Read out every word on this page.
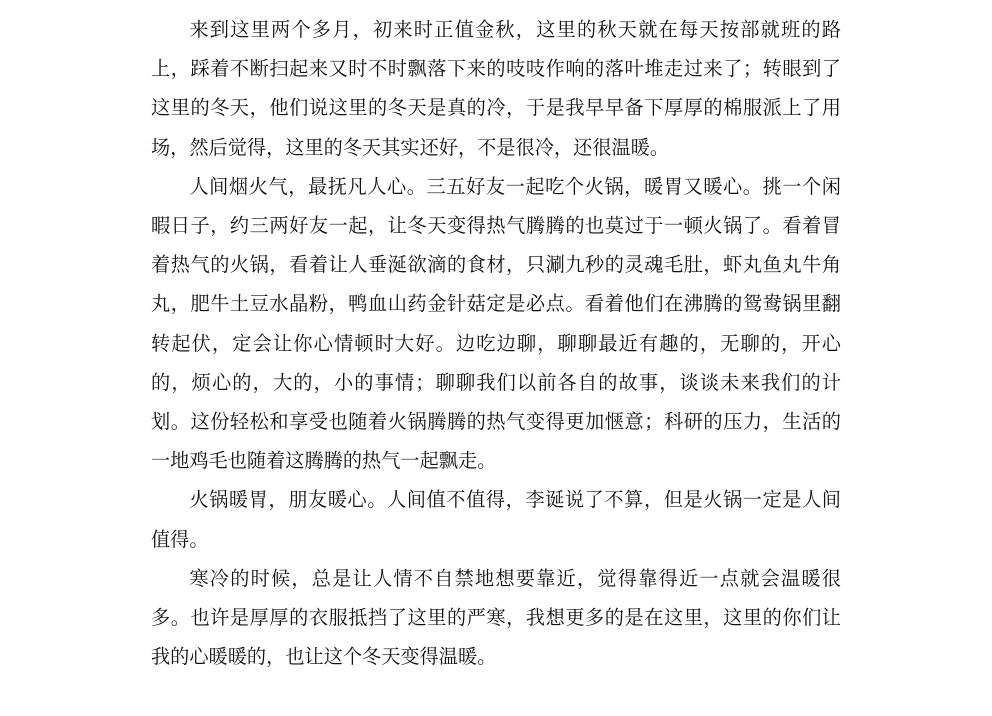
来到这里两个多月，初来时正值金秋，这里的秋天就在每天按部就班的路上，踩着不断扫起来又时不时飘落下来的吱吱作响的落叶堆走过来了；转眼到了这里的冬天，他们说这里的冬天是真的冷，于是我早早备下厚厚的棉服派上了用场，然后觉得，这里的冬天其实还好，不是很冷，还很温暖。

人间烟火气，最抚凡人心。三五好友一起吃个火锅，暖胃又暖心。挑一个闲暇日子，约三两好友一起，让冬天变得热气腾腾的也莫过于一顿火锅了。看着冒着热气的火锅，看着让人垂涎欲滴的食材，只涮九秒的灵魂毛肚，虾丸鱼丸牛角丸，肥牛土豆水晶粉，鸭血山药金针菇定是必点。看着他们在沸腾的鸳鸯锅里翻转起伏，定会让你心情顿时大好。边吃边聊，聊聊最近有趣的，无聊的，开心的，烦心的，大的，小的事情；聊聊我们以前各自的故事，谈谈未来我们的计划。这份轻松和享受也随着火锅腾腾的热气变得更加惬意；科研的压力，生活的一地鸡毛也随着这腾腾的热气一起飘走。

火锅暖胃，朋友暖心。人间值不值得，李诞说了不算，但是火锅一定是人间值得。

寒冷的时候，总是让人情不自禁地想要靠近，觉得靠得近一点就会温暖很多。也许是厚厚的衣服抵挡了这里的严寒，我想更多的是在这里，这里的你们让我的心暖暖的，也让这个冬天变得温暖。
